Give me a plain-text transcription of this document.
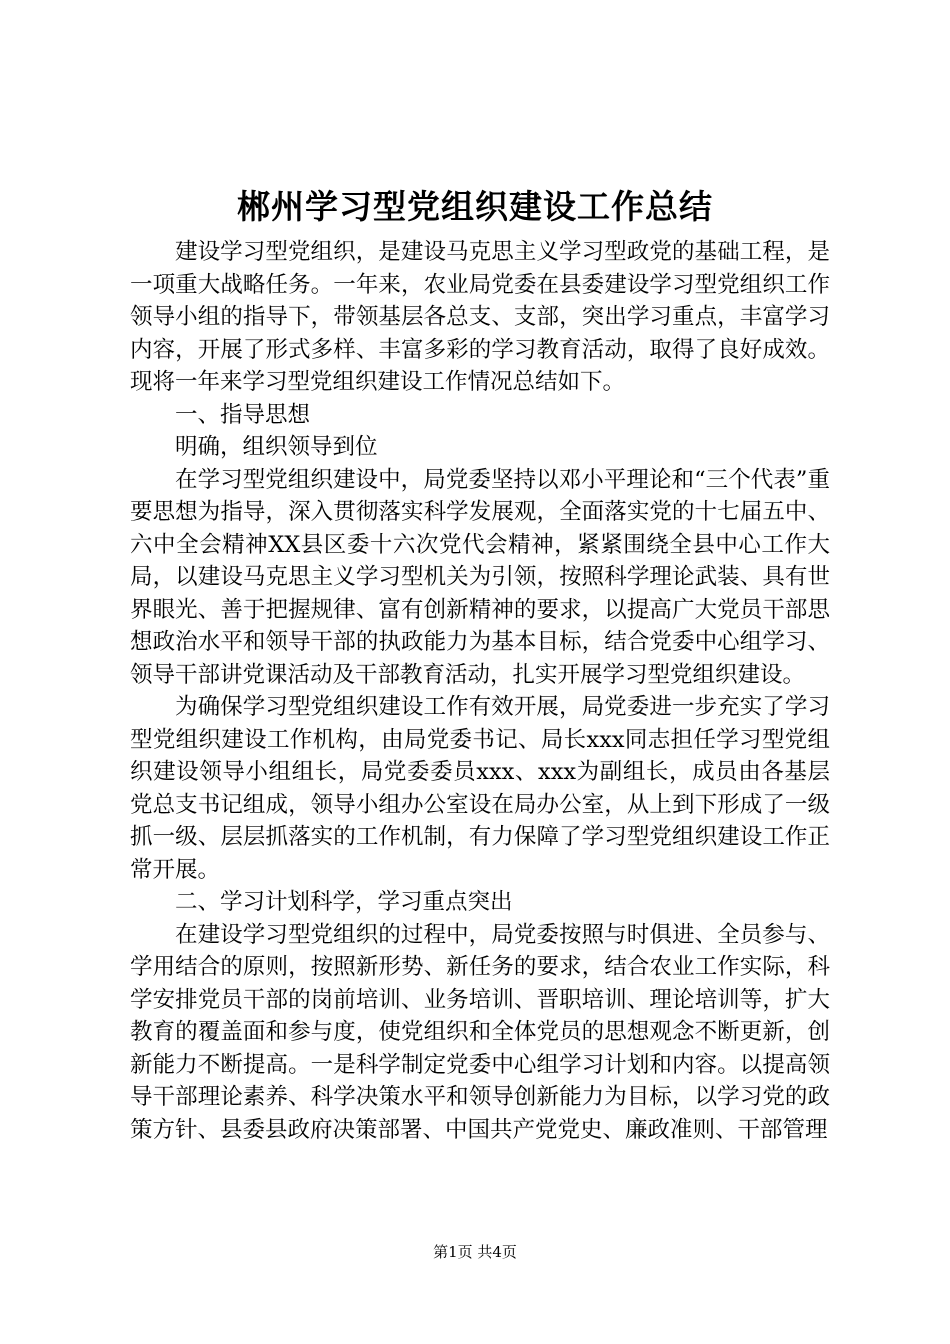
郴州学习型党组织建设工作总结

建设学习型党组织，是建设马克思主义学习型政党的基础工程，是一项重大战略任务。一年来，农业局党委在县委建设学习型党组织工作领导小组的指导下，带领基层各总支、支部，突出学习重点，丰富学习内容，开展了形式多样、丰富多彩的学习教育活动，取得了良好成效。现将一年来学习型党组织建设工作情况总结如下。

一、指导思想

明确，组织领导到位

在学习型党组织建设中，局党委坚持以邓小平理论和“三个代表”重要思想为指导，深入贯彻落实科学发展观，全面落实党的十七届五中、六中全会精神XX县区委十六次党代会精神，紧紧围绕全县中心工作大局，以建设马克思主义学习型机关为引领，按照科学理论武装、具有世界眼光、善于把握规律、富有创新精神的要求，以提高广大党员干部思想政治水平和领导干部的执政能力为基本目标，结合党委中心组学习、领导干部讲党课活动及干部教育活动，扎实开展学习型党组织建设。

为确保学习型党组织建设工作有效开展，局党委进一步充实了学习型党组织建设工作机构，由局党委书记、局长xxx同志担任学习型党组织建设领导小组组长，局党委委员xxx、xxx为副组长，成员由各基层党总支书记组成，领导小组办公室设在局办公室，从上到下形成了一级抓一级、层层抓落实的工作机制，有力保障了学习型党组织建设工作正常开展。

二、学习计划科学，学习重点突出

在建设学习型党组织的过程中，局党委按照与时俱进、全员参与、学用结合的原则，按照新形势、新任务的要求，结合农业工作实际，科学安排党员干部的岗前培训、业务培训、晋职培训、理论培训等，扩大教育的覆盖面和参与度，使党组织和全体党员的思想观念不断更新，创新能力不断提高。一是科学制定党委中心组学习计划和内容。以提高领导干部理论素养、科学决策水平和领导创新能力为目标，以学习党的政策方针、县委县政府决策部署、中国共产党党史、廉政准则、干部管理

第1页 共4页
